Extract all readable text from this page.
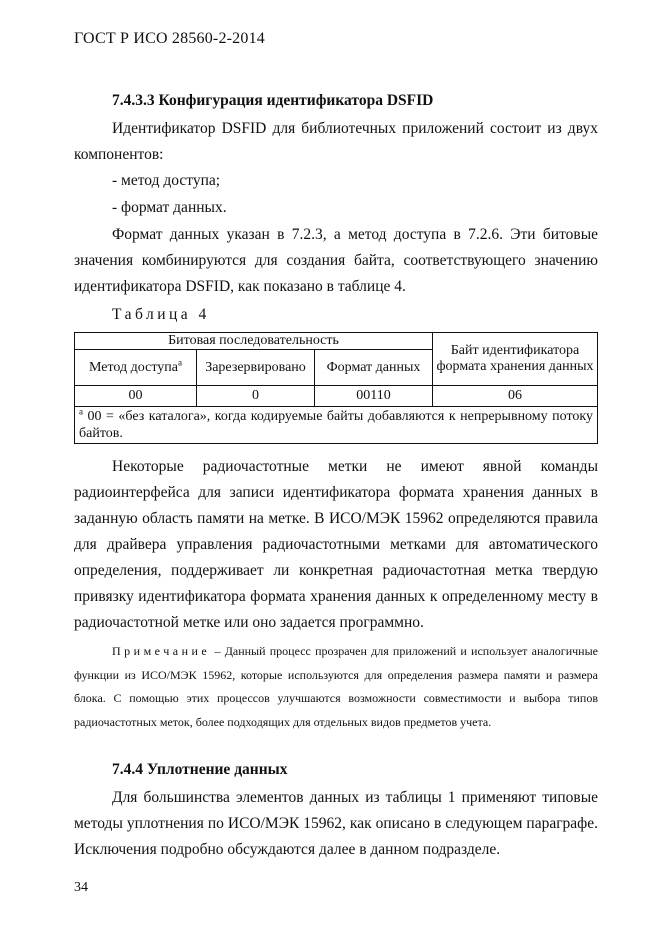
ГОСТ Р ИСО 28560-2-2014
7.4.3.3 Конфигурация идентификатора DSFID
Идентификатор DSFID для библиотечных приложений состоит из двух компонентов:
- метод доступа;
- формат данных.
Формат данных указан в 7.2.3, а метод доступа в 7.2.6. Эти битовые значения комбинируются для создания байта, соответствующего значению идентификатора DSFID, как показано в таблице 4.
Таблица 4
Битовая последовательность			Байт идентификатора формата хранения данных
Метод доступа$^а$	Зарезервировано	Формат данных	
00	0	00110	06
$^а$ 00 = «без каталога», когда кодируемые байты добавляются к непрерывному потоку байтов.			
Некоторые радиочастотные метки не имеют явной команды радиоинтерфейса для записи идентификатора формата хранения данных в заданную область памяти на метке. В ИСО/МЭК 15962 определяются правила для драйвера управления радиочастотными метками для автоматического определения, поддерживает ли конкретная радиочастотная метка твердую привязку идентификатора формата хранения данных к определенному месту в радиочастотной метке или оно задается программно.
Примечание – Данный процесс прозрачен для приложений и использует аналогичные функции из ИСО/МЭК 15962, которые используются для определения размера памяти и размера блока. С помощью этих процессов улучшаются возможности совместимости и выбора типов радиочастотных меток, более подходящих для отдельных видов предметов учета.
7.4.4 Уплотнение данных
Для большинства элементов данных из таблицы 1 применяют типовые методы уплотнения по ИСО/МЭК 15962, как описано в следующем параграфе. Исключения подробно обсуждаются далее в данном подразделе.
34
